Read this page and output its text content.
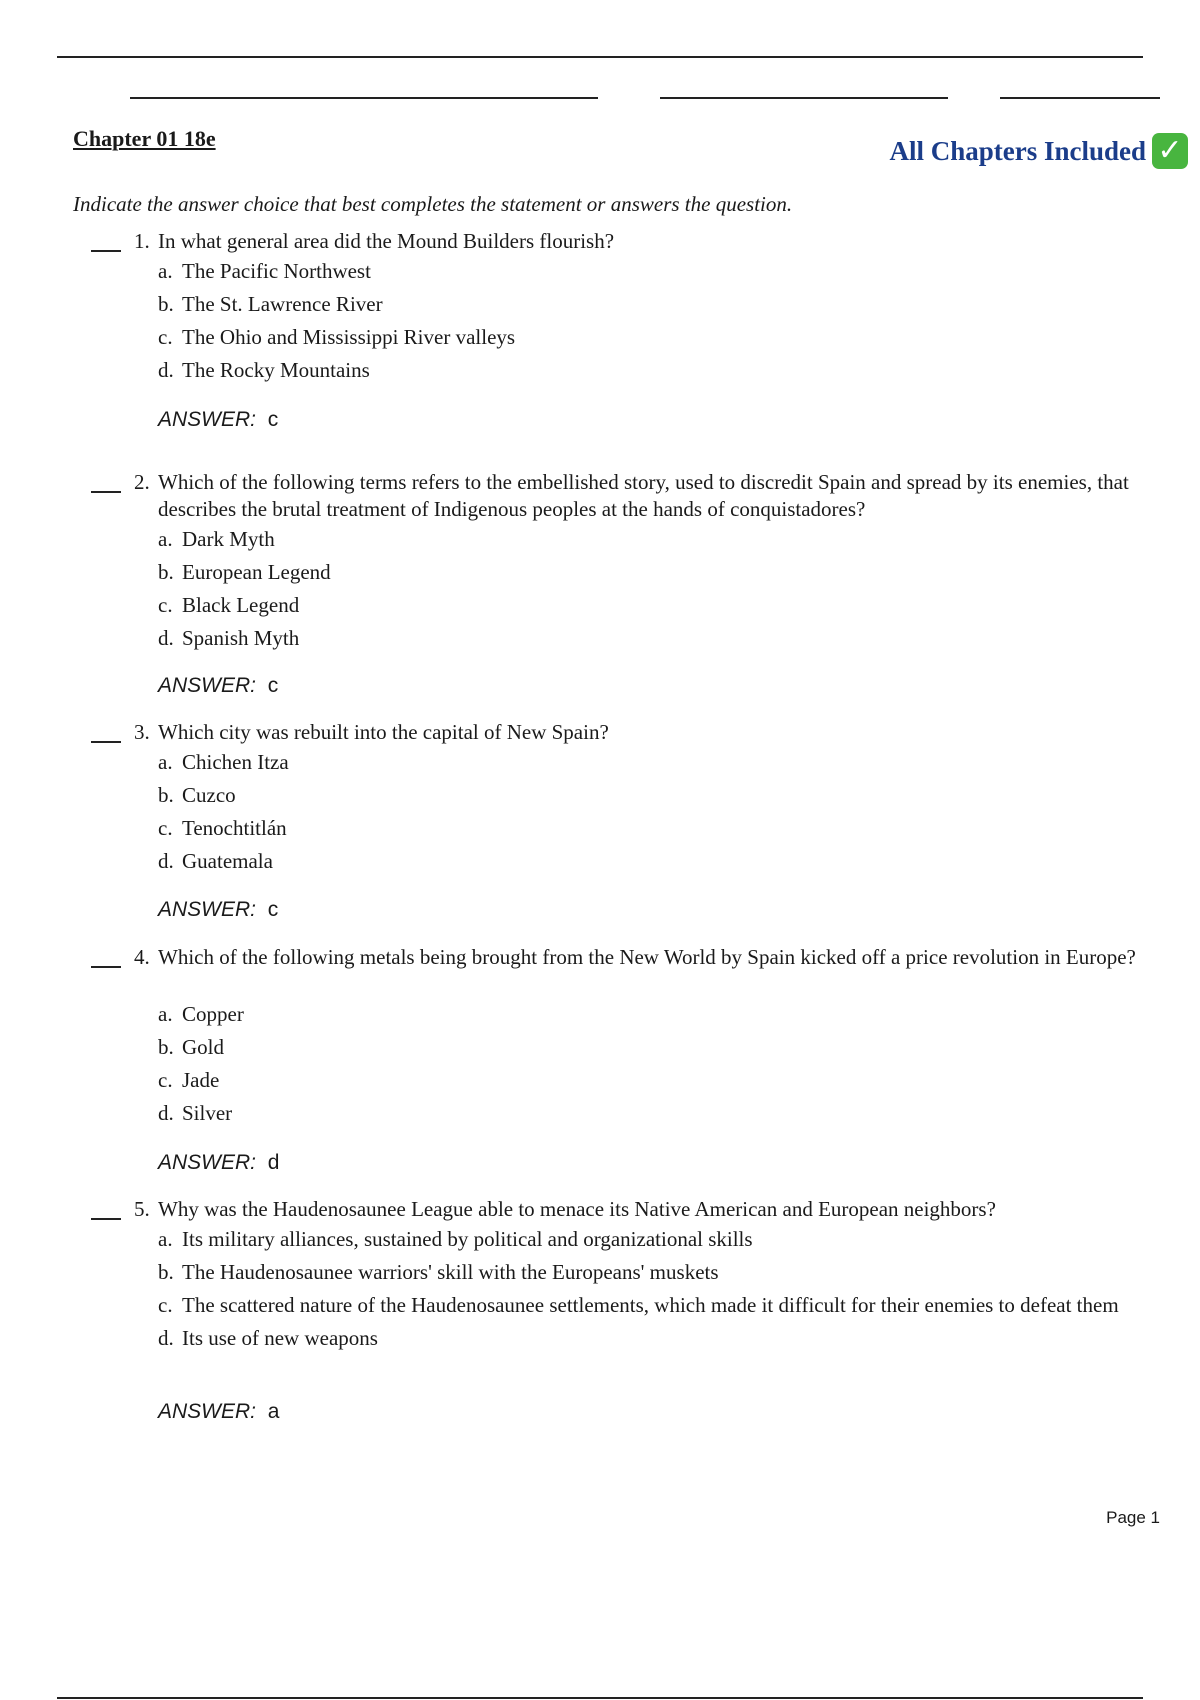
Chapter 01 18e	All Chapters Included ✓

Indicate the answer choice that best completes the statement or answers the question.

1. In what general area did the Mound Builders flourish?

a. The Pacific Northwest
b. The St. Lawrence River
c. The Ohio and Mississippi River valleys
d. The Rocky Mountains
ANSWER: c
2. Which of the following terms refers to the embellished story, used to discredit Spain and spread by its enemies, that describes the brutal treatment of Indigenous peoples at the hands of conquistadores?

a. Dark Myth
b. European Legend
c. Black Legend
d. Spanish Myth
ANSWER: c
3. Which city was rebuilt into the capital of New Spain?

a. Chichen Itza
b. Cuzco
c. Tenochtitlán
d. Guatemala
ANSWER: c
4. Which of the following metals being brought from the New World by Spain kicked off a price revolution in Europe?

a. Copper
b. Gold
c. Jade
d. Silver
ANSWER: d
5. Why was the Haudenosaunee League able to menace its Native American and European neighbors?

a. Its military alliances, sustained by political and organizational skills
b. The Haudenosaunee warriors' skill with the Europeans' muskets
c. The scattered nature of the Haudenosaunee settlements, which made it difficult for their enemies to defeat them
d. Its use of new weapons
ANSWER: a
Page 1
